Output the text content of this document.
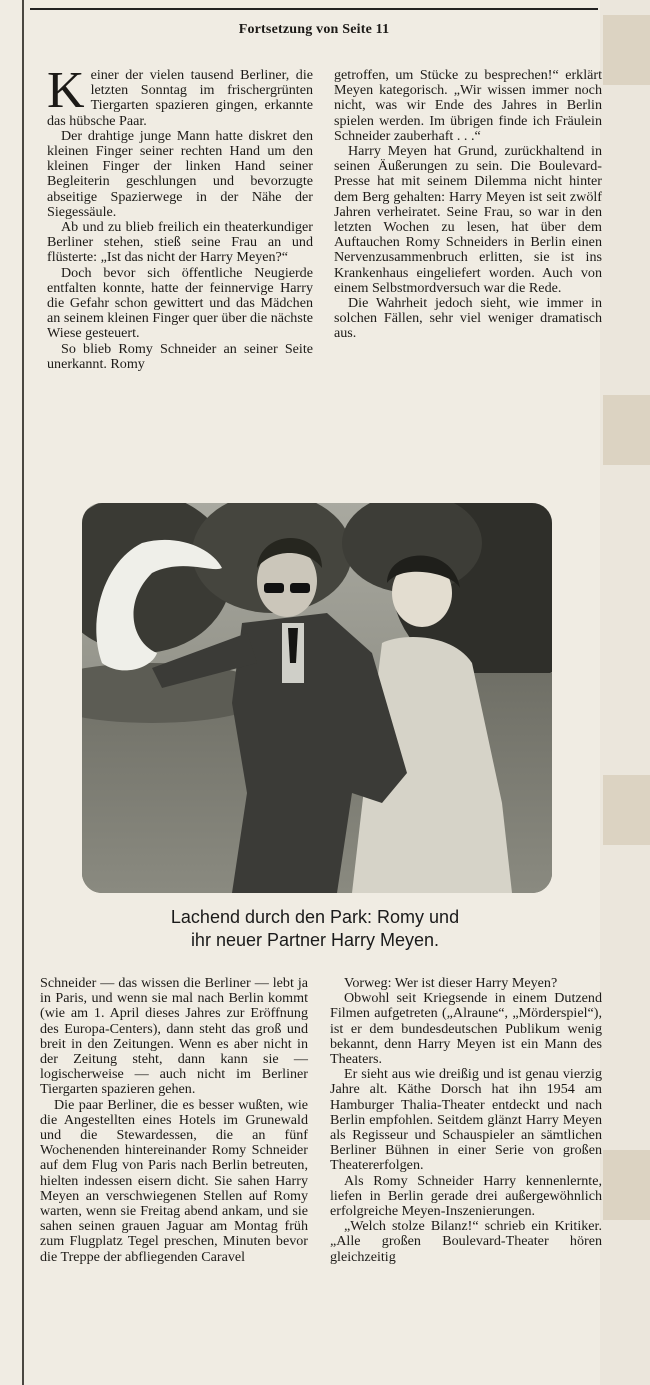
Fortsetzung von Seite 11

Keiner der vielen tausend Berliner, die letzten Sonntag im frischergrünten Tiergarten spazieren gingen, erkannte das hübsche Paar.

Der drahtige junge Mann hatte diskret den kleinen Finger seiner rechten Hand um den kleinen Finger der linken Hand seiner Begleiterin geschlungen und bevorzugte abseitige Spazierwege in der Nähe der Siegessäule.

Ab und zu blieb freilich ein theaterkundiger Berliner stehen, stieß seine Frau an und flüsterte: „Ist das nicht der Harry Meyen?“

Doch bevor sich öffentliche Neugierde entfalten konnte, hatte der feinnervige Harry die Gefahr schon gewittert und das Mädchen an seinem kleinen Finger quer über die nächste Wiese gesteuert.

So blieb Romy Schneider an seiner Seite unerkannt. Romy

getroffen, um Stücke zu besprechen!“ erklärt Meyen kategorisch. „Wir wissen immer noch nicht, was wir Ende des Jahres in Berlin spielen werden. Im übrigen finde ich Fräulein Schneider zauberhaft . . .“

Harry Meyen hat Grund, zurückhaltend in seinen Äußerungen zu sein. Die Boulevard-Presse hat mit seinem Dilemma nicht hinter dem Berg gehalten: Harry Meyen ist seit zwölf Jahren verheiratet. Seine Frau, so war in den letzten Wochen zu lesen, hat über dem Auftauchen Romy Schneiders in Berlin einen Nervenzusammenbruch erlitten, sie ist ins Krankenhaus eingeliefert worden. Auch von einem Selbstmordversuch war die Rede.

Die Wahrheit jedoch sieht, wie immer in solchen Fällen, sehr viel weniger dramatisch aus.

Lachend durch den Park: Romy und
ihr neuer Partner Harry Meyen.

Schneider — das wissen die Berliner — lebt ja in Paris, und wenn sie mal nach Berlin kommt (wie am 1. April dieses Jahres zur Eröffnung des Europa-Centers), dann steht das groß und breit in den Zeitungen. Wenn es aber nicht in der Zeitung steht, dann kann sie — logischerweise — auch nicht im Berliner Tiergarten spazieren gehen.

Die paar Berliner, die es besser wußten, wie die Angestellten eines Hotels im Grunewald und die Stewardessen, die an fünf Wochenenden hintereinander Romy Schneider auf dem Flug von Paris nach Berlin betreuten, hielten indessen eisern dicht. Sie sahen Harry Meyen an verschwiegenen Stellen auf Romy warten, wenn sie Freitag abend ankam, und sie sahen seinen grauen Jaguar am Montag früh zum Flugplatz Tegel preschen, Minuten bevor die Treppe der abfliegenden Caravel

Vorweg: Wer ist dieser Harry Meyen?

Obwohl seit Kriegsende in einem Dutzend Filmen aufgetreten („Alraune“, „Mörderspiel“), ist er dem bundesdeutschen Publikum wenig bekannt, denn Harry Meyen ist ein Mann des Theaters.

Er sieht aus wie dreißig und ist genau vierzig Jahre alt. Käthe Dorsch hat ihn 1954 am Hamburger Thalia-Theater entdeckt und nach Berlin empfohlen. Seitdem glänzt Harry Meyen als Regisseur und Schauspieler an sämtlichen Berliner Bühnen in einer Serie von großen Theatererfolgen.

Als Romy Schneider Harry kennenlernte, liefen in Berlin gerade drei außergewöhnlich erfolgreiche Meyen-Inszenierungen.

„Welch stolze Bilanz!“ schrieb ein Kritiker. „Alle großen Boulevard-Theater hören gleichzeitig
